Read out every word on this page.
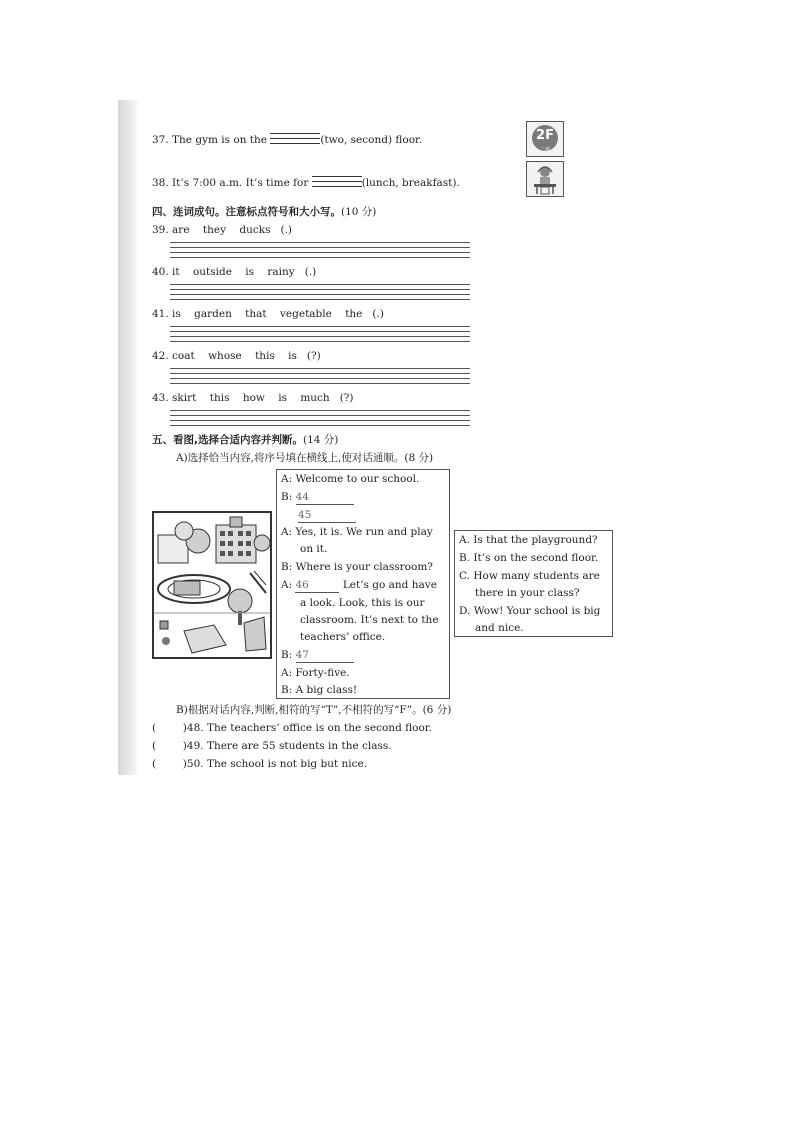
37. The gym is on the	(two, second) floor.	2F
二楼
38. It’s 7:00 a.m. It’s time for	(lunch, breakfast).
四、连词成句。注意标点符号和大小写。(10 分)
39. are    they    ducks   (.)
40. it    outside    is    rainy   (.)
41. is    garden    that    vegetable    the   (.)
42. coat    whose    this    is   (?)
43. skirt    this    how    is    much   (?)
五、看图,选择合适内容并判断。(14 分)
A)选择恰当内容,将序号填在横线上,使对话通顺。(8 分)
A: Welcome to our school.
B: 44
45
A: Yes, it is. We run and play
on it.
B: Where is your classroom?
A: 46	Let’s go and have
a look. Look, this is our
classroom. It’s next to the
teachers’ office.
B: 47
A: Forty-five.
B: A big class!
A. Is that the playground?
B. It’s on the second floor.
C. How many students are
there in your class?
D. Wow! Your school is big
and nice.
B)根据对话内容,判断,相符的写“T”,不相符的写“F”。(6 分)
(        )48. The teachers’ office is on the second floor.
(        )49. There are 55 students in the class.
(        )50. The school is not big but nice.
